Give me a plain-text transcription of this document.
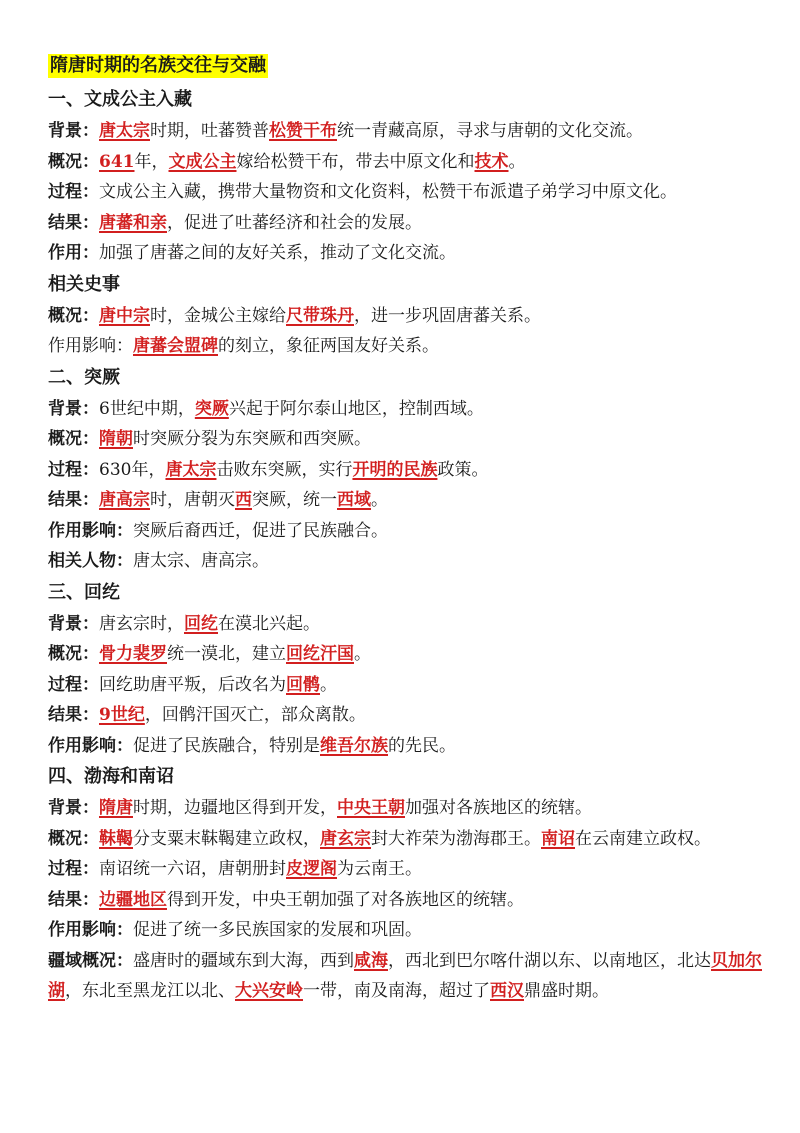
隋唐时期的名族交往与交融
一、文成公主入藏
背景：唐太宗时期，吐蕃赞普松赞干布统一青藏高原，寻求与唐朝的文化交流。
概况：641年，文成公主嫁给松赞干布，带去中原文化和技术。
过程：文成公主入藏，携带大量物资和文化资料，松赞干布派遣子弟学习中原文化。
结果：唐蕃和亲，促进了吐蕃经济和社会的发展。
作用：加强了唐蕃之间的友好关系，推动了文化交流。
相关史事
概况：唐中宗时，金城公主嫁给尺带珠丹，进一步巩固唐蕃关系。
作用影响：唐蕃会盟碑的刻立，象征两国友好关系。
二、突厥
背景：6世纪中期，突厥兴起于阿尔泰山地区，控制西域。
概况：隋朝时突厥分裂为东突厥和西突厥。
过程：630年，唐太宗击败东突厥，实行开明的民族政策。
结果：唐高宗时，唐朝灭西突厥，统一西域。
作用影响：突厥后裔西迁，促进了民族融合。
相关人物：唐太宗、唐高宗。
三、回纥
背景：唐玄宗时，回纥在漠北兴起。
概况：骨力裴罗统一漠北，建立回纥汗国。
过程：回纥助唐平叛，后改名为回鹘。
结果：9世纪，回鹘汗国灭亡，部众离散。
作用影响：促进了民族融合，特别是维吾尔族的先民。
四、渤海和南诏
背景：隋唐时期，边疆地区得到开发，中央王朝加强对各族地区的统辖。
概况：靺鞨分支粟末靺鞨建立政权，唐玄宗封大祚荣为渤海郡王。南诏在云南建立政权。
过程：南诏统一六诏，唐朝册封皮逻阁为云南王。
结果：边疆地区得到开发，中央王朝加强了对各族地区的统辖。
作用影响：促进了统一多民族国家的发展和巩固。
疆域概况：盛唐时的疆域东到大海，西到咸海，西北到巴尔喀什湖以东、以南地区，北达贝加尔湖，东北至黑龙江以北、大兴安岭一带，南及南海，超过了西汉鼎盛时期。
